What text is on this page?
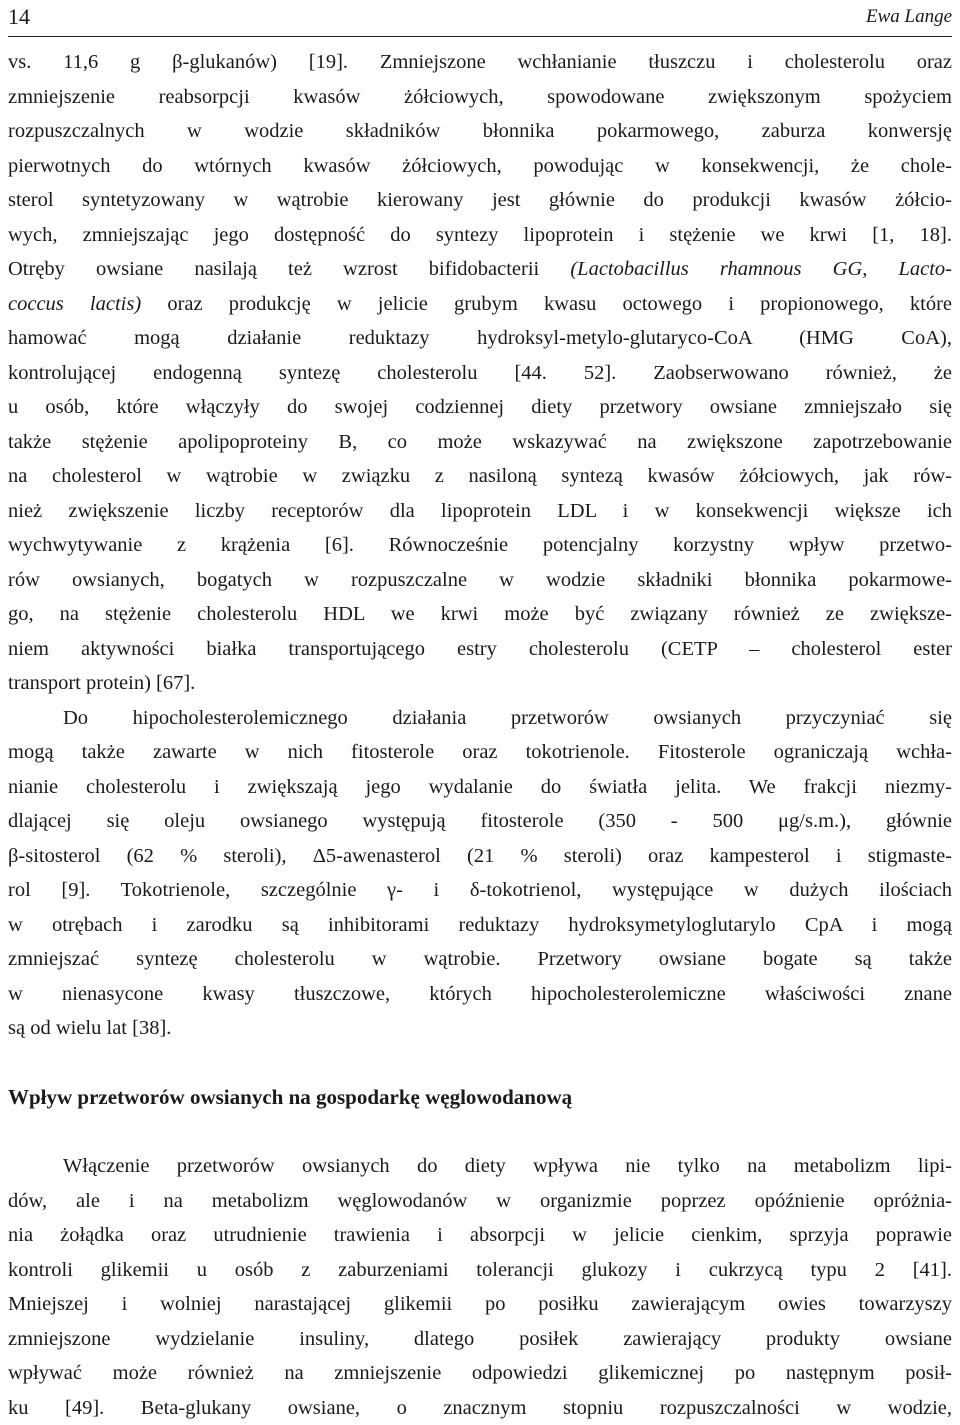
14	Ewa Lange
vs. 11,6 g β-glukanów) [19]. Zmniejszone wchłanianie tłuszczu i cholesterolu oraz
zmniejszenie reabsorpcji kwasów żółciowych, spowodowane zwiększonym spożyciem
rozpuszczalnych w wodzie składników błonnika pokarmowego, zaburza konwersję
pierwotnych do wtórnych kwasów żółciowych, powodując w konsekwencji, że chole-
sterol syntetyzowany w wątrobie kierowany jest głównie do produkcji kwasów żółcio-
wych, zmniejszając jego dostępność do syntezy lipoprotein i stężenie we krwi [1, 18].
Otręby owsiane nasilają też wzrost bifidobacterii (Lactobacillus rhamnous GG, Lacto-
coccus lactis) oraz produkcję w jelicie grubym kwasu octowego i propionowego, które
hamować mogą działanie reduktazy hydroksyl-metylo-glutaryco-CoA (HMG CoA),
kontrolującej endogenną syntezę cholesterolu [44. 52]. Zaobserwowano również, że
u osób, które włączyły do swojej codziennej diety przetwory owsiane zmniejszało się
także stężenie apolipoproteiny B, co może wskazywać na zwiększone zapotrzebowanie
na cholesterol w wątrobie w związku z nasiloną syntezą kwasów żółciowych, jak rów-
nież zwiększenie liczby receptorów dla lipoprotein LDL i w konsekwencji większe ich
wychwytywanie z krążenia [6]. Równocześnie potencjalny korzystny wpływ przetwo-
rów owsianych, bogatych w rozpuszczalne w wodzie składniki błonnika pokarmowe-
go, na stężenie cholesterolu HDL we krwi może być związany również ze zwiększe-
niem aktywności białka transportującego estry cholesterolu (CETP – cholesterol ester
transport protein) [67].
Do hipocholesterolemicznego działania przetworów owsianych przyczyniać się
mogą także zawarte w nich fitosterole oraz tokotrienole. Fitosterole ograniczają wchła-
nianie cholesterolu i zwiększają jego wydalanie do światła jelita. We frakcji niezmy-
dlającej się oleju owsianego występują fitosterole (350 - 500 μg/s.m.), głównie
β-sitosterol (62 % steroli), Δ5-awenasterol (21 % steroli) oraz kampesterol i stigmaste-
rol [9]. Tokotrienole, szczególnie γ- i δ-tokotrienol, występujące w dużych ilościach
w otrębach i zarodku są inhibitorami reduktazy hydroksymetyloglutarylo CpA i mogą
zmniejszać syntezę cholesterolu w wątrobie. Przetwory owsiane bogate są także
w nienasycone kwasy tłuszczowe, których hipocholesterolemiczne właściwości znane
są od wielu lat [38].
Wpływ przetworów owsianych na gospodarkę węglowodanową
Włączenie przetworów owsianych do diety wpływa nie tylko na metabolizm lipi-
dów, ale i na metabolizm węglowodanów w organizmie poprzez opóźnienie opróżnia-
nia żołądka oraz utrudnienie trawienia i absorpcji w jelicie cienkim, sprzyja poprawie
kontroli glikemii u osób z zaburzeniami tolerancji glukozy i cukrzycą typu 2 [41].
Mniejszej i wolniej narastającej glikemii po posiłku zawierającym owies towarzyszy
zmniejszone wydzielanie insuliny, dlatego posiłek zawierający produkty owsiane
wpływać może również na zmniejszenie odpowiedzi glikemicznej po następnym posił-
ku [49]. Beta-glukany owsiane, o znacznym stopniu rozpuszczalności w wodzie,
